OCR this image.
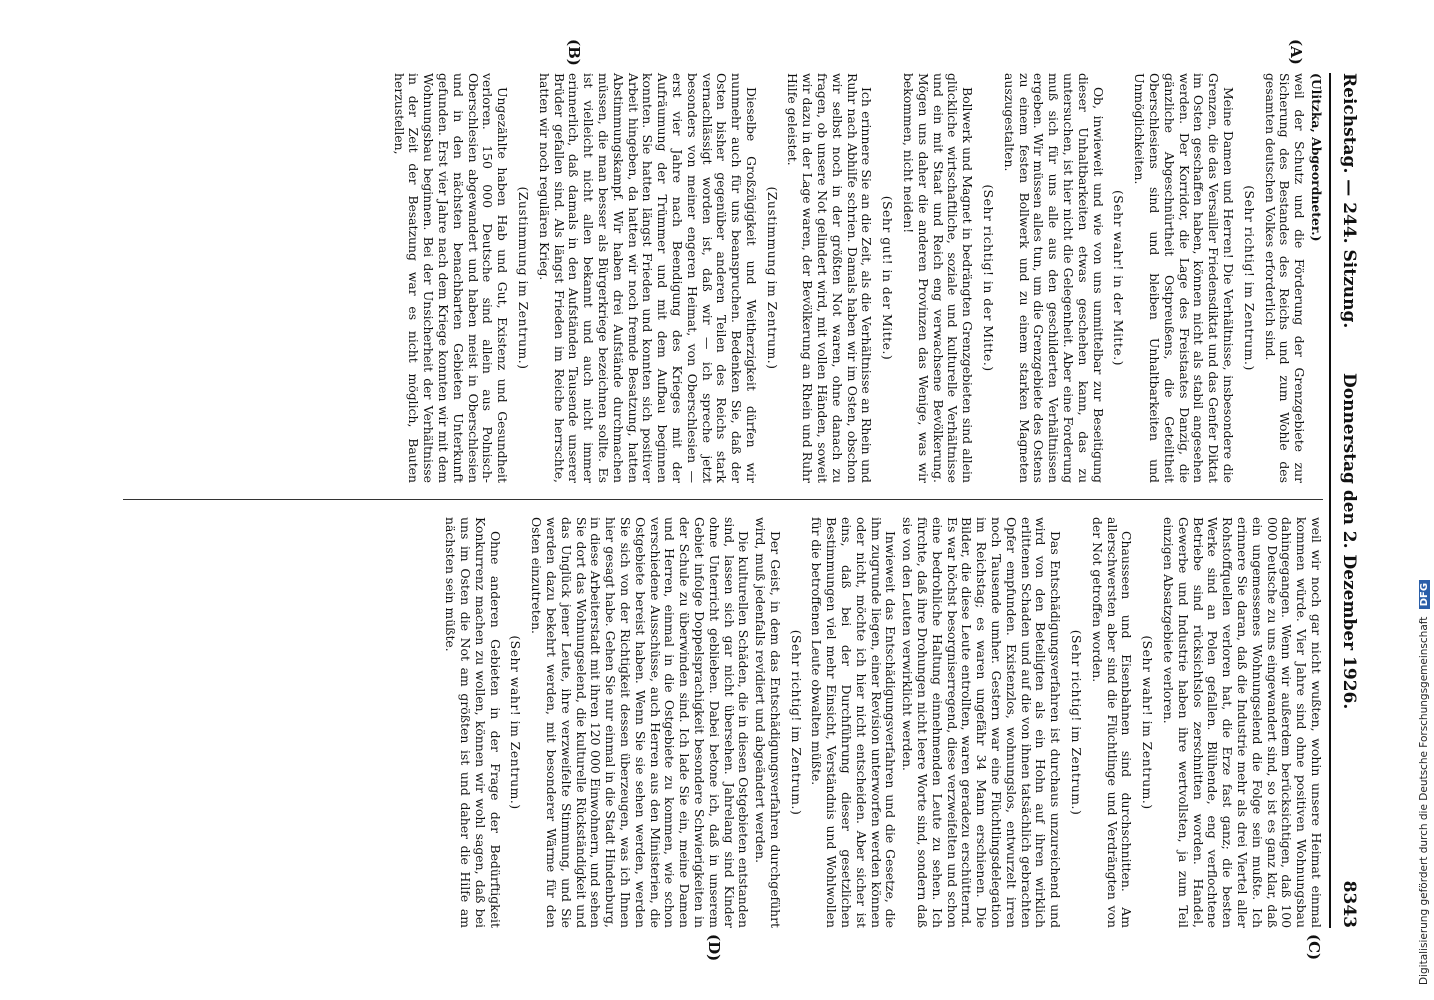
Reichstag. — 244. Sitzung.
Donnerstag den 2. Dezember 1926.
8343
(A)
(B)
(C)
(D)

(Ulitzka, Abgeordneter.)

weil der Schutz und die Förderung der Grenzgebiete zur Sicherung des Bestandes des Reichs und zum Wohle des gesamten deutschen Volkes erforderlich sind.

(Sehr richtig! im Zentrum.)

Meine Damen und Herren! Die Verhältnisse, insbesondere die Grenzen, die das Versailler Friedensdiktat und das Genfer Diktat im Osten geschaffen haben, können nicht als stabil angesehen werden. Der Korridor, die Lage des Freistaates Danzig, die gänzliche Abgeschnürtheit Ostpreußens, die Geteiltheit Oberschlesiens sind und bleiben Unhaltbarkeiten und Unmöglichkeiten.

(Sehr wahr! in der Mitte.)

Ob, inwieweit und wie von uns unmittelbar zur Beseitigung dieser Unhaltbarkeiten etwas geschehen kann, das zu untersuchen, ist hier nicht die Gelegenheit. Aber eine Forderung muß sich für uns alle aus den geschilderten Verhältnissen ergeben. Wir müssen alles tun, um die Grenzgebiete des Ostens zu einem festen Bollwerk und zu einem starken Magneten auszugestalten.

(Sehr richtig! in der Mitte.)

Bollwerk und Magnet in bedrängten Grenzgebieten sind allein glückliche wirtschaftliche, soziale und kulturelle Verhältnisse und ein mit Staat und Reich eng verwachsene Bevölkerung. Mögen uns daher die anderen Provinzen das Wenige, was wir bekommen, nicht neiden!

(Sehr gut! in der Mitte.)

Ich erinnere Sie an die Zeit, als die Verhältnisse an Rhein und Ruhr nach Abhilfe schrien. Damals haben wir im Osten, obschon wir selbst noch in der größten Not waren, ohne danach zu fragen, ob unsere Not gelindert wird, mit vollen Händen, soweit wir dazu in der Lage waren, der Bevölkerung an Rhein und Ruhr Hilfe geleistet.

(Zustimmung im Zentrum.)

Dieselbe Großzügigkeit und Weitherzigkeit dürfen wir nunmehr auch für uns beanspruchen. Bedenken Sie, daß der Osten bisher gegenüber anderen Teilen des Reichs stark vernachlässigt worden ist, daß wir — ich spreche jetzt besonders von meiner engeren Heimat, von Oberschlesien — erst vier Jahre nach Beendigung des Krieges mit der Aufräumung der Trümmer und mit dem Aufbau beginnen konnten. Sie hatten längst Frieden und konnten sich positiver Arbeit hingeben, da hatten wir noch fremde Besatzung, hatten Abstimmungskampf. Wir haben drei Aufstände durchmachen müssen, die man besser als Bürgerkriege bezeichnen sollte. Es ist vielleicht nicht allen bekannt und auch nicht immer erinnerlich, daß damals in den Aufständen Tausende unserer Brüder gefallen sind. Als längst Frieden im Reiche herrschte, hatten wir noch regulären Krieg.

(Zustimmung im Zentrum.)

Ungezählte haben Hab und Gut, Existenz und Gesundheit verloren. 150 000 Deutsche sind allein aus Polnisch-Oberschlesien abgewandert und haben meist in Oberschlesien und in den nächsten benachbarten Gebieten Unterkunft gefunden. Erst vier Jahre nach dem Kriege konnten wir mit dem Wohnungsbau beginnen. Bei der Unsicherheit der Verhältnisse in der Zeit der Besatzung war es nicht möglich, Bauten herzustellen,

weil wir noch gar nicht wußten, wohin unsere Heimat einmal kommen würde. Vier Jahre sind ohne positiven Wohnungsbau dahingegangen. Wenn wir außerdem berücksichtigen, daß 100 000 Deutsche zu uns eingewandert sind, so ist es ganz klar, daß ein ungemessenes Wohnungselend die Folge sein mußte. Ich erinnere Sie daran, daß die Industrie mehr als drei Viertel aller Rohstoffquellen verloren hat, die Erze fast ganz; die besten Werke sind an Polen gefallen. Blühende, eng verflochtene Betriebe sind rücksichtslos zerschnitten worden. Handel, Gewerbe und Industrie haben ihre wertvollsten, ja zum Teil einzigen Absatzgebiete verloren.

(Sehr wahr! im Zentrum.)

Chausseen und Eisenbahnen sind durchschnitten. Am allerschwersten aber sind die Flüchtlinge und Verdrängten von der Not getroffen worden.

(Sehr richtig! im Zentrum.)

Das Entschädigungsverfahren ist durchaus unzureichend und wird von den Beteiligten als ein Hohn auf ihren wirklich erlittenen Schaden und auf die von ihnen tatsächlich gebrachten Opfer empfunden. Existenzlos, wohnungslos, entwurzelt irren noch Tausende umher. Gestern war eine Flüchtlingsdelegation im Reichstag; es waren ungefähr 34 Mann erschienen. Die Bilder, die diese Leute entrollten, waren geradezu erschütternd. Es war höchst besorgniserregend, diese verzweifelten und schon eine bedrohliche Haltung einnehmenden Leute zu sehen. Ich fürchte, daß ihre Drohungen nicht leere Worte sind, sondern daß sie von den Leuten verwirklicht werden.

Inwieweit das Entschädigungsverfahren und die Gesetze, die ihm zugrunde liegen, einer Revision unterworfen werden können oder nicht, möchte ich hier nicht entscheiden. Aber sicher ist eins, daß bei der Durchführung dieser gesetzlichen Bestimmungen viel mehr Einsicht, Verständnis und Wohlwollen für die betroffenen Leute obwalten müßte.

(Sehr richtig! im Zentrum.)

Der Geist, in dem das Entschädigungsverfahren durchgeführt wird, muß jedenfalls revidiert und abgeändert werden.

Die kulturellen Schäden, die in diesen Ostgebieten entstanden sind, lassen sich gar nicht übersehen. Jahrelang sind Kinder ohne Unterricht geblieben. Dabei betone ich, daß in unserem Gebiet infolge Doppelsprachigkeit besondere Schwierigkeiten in der Schule zu überwinden sind. Ich lade Sie ein, meine Damen und Herren, einmal in die Ostgebiete zu kommen, wie schon verschiedene Ausschüsse, auch Herren aus den Ministerien, die Ostgebiete bereist haben. Wenn Sie sie sehen werden, werden Sie sich von der Richtigkeit dessen überzeugen, was ich Ihnen hier gesagt habe. Gehen Sie nur einmal in die Stadt Hindenburg, in diese Arbeiterstadt mit ihren 120 000 Einwohnern, und sehen Sie dort das Wohnungselend, die kulturelle Rückständigkeit und das Unglück jener Leute, ihre verzweifelte Stimmung, und Sie werden dazu bekehrt werden, mit besonderer Wärme für den Osten einzutreten.

(Sehr wahr! im Zentrum.)

Ohne anderen Gebieten in der Frage der Bedürftigkeit Konkurrenz machen zu wollen, können wir wohl sagen, daß bei uns im Osten die Not am größten ist und daher die Hilfe am nächsten sein müßte.

Digitalisierung gefördert durch die Deutsche Forschungsgemeinschaft DFG
